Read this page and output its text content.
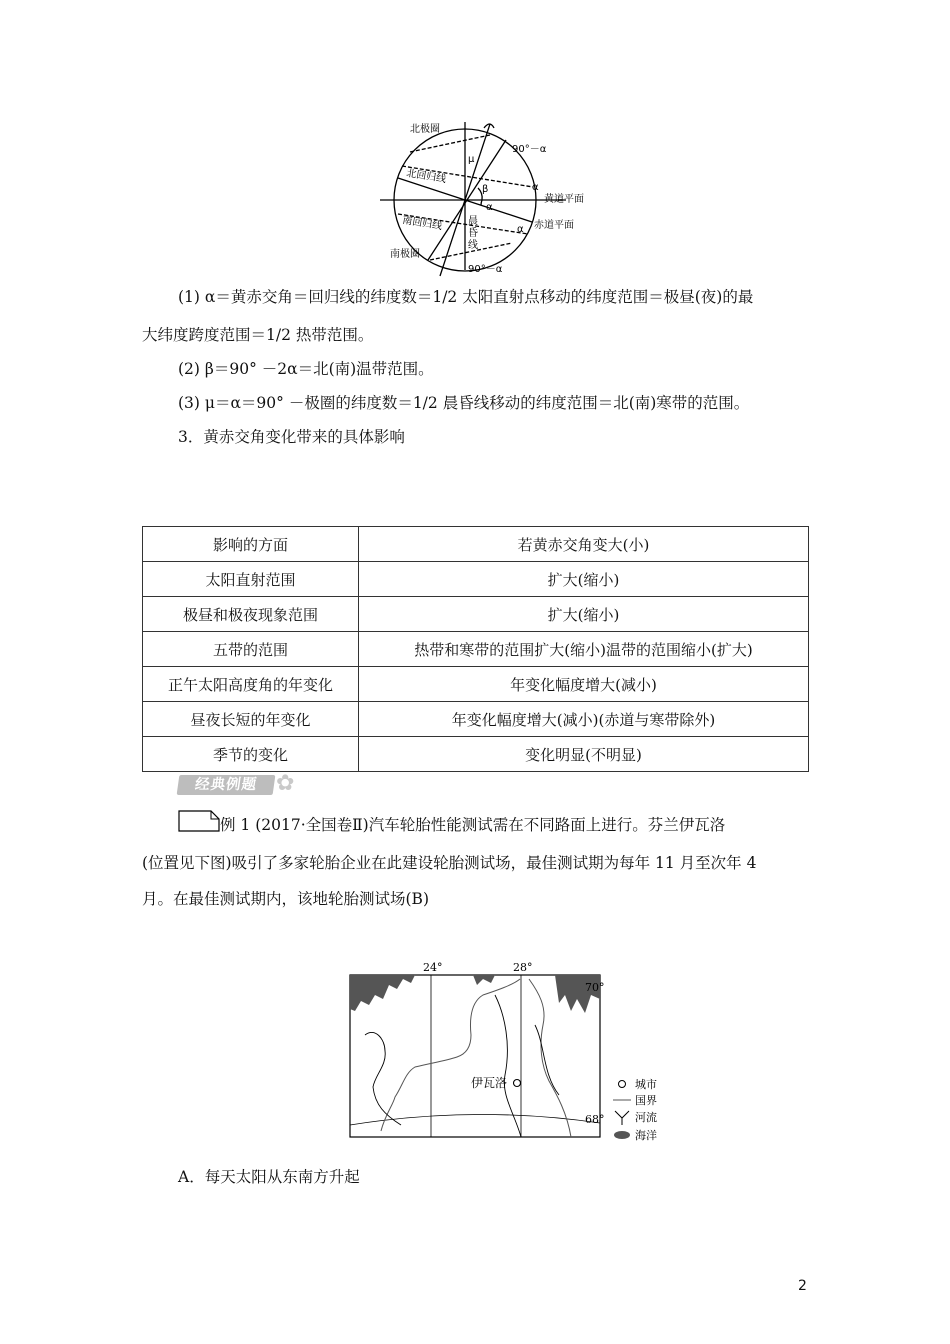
北极圈
90°－α
μ
β	α
α
α
北回归线
南回归线	晨
昏
线
黄道平面
赤道平面
南极圈
90°－α
(1) α＝黄赤交角＝回归线的纬度数＝1/2 太阳直射点移动的纬度范围＝极昼(夜)的最
大纬度跨度范围＝1/2 热带范围。
(2) β＝90° －2α＝北(南)温带范围。
(3) μ＝α＝90° －极圈的纬度数＝1/2 晨昏线移动的纬度范围＝北(南)寒带的范围。
3．黄赤交角变化带来的具体影响
影响的方面	若黄赤交角变大(小)
太阳直射范围	扩大(缩小)
极昼和极夜现象范围	扩大(缩小)
五带的范围	热带和寒带的范围扩大(缩小)温带的范围缩小(扩大)
正午太阳高度角的年变化	年变化幅度增大(减小)
昼夜长短的年变化	年变化幅度增大(减小)(赤道与寒带除外)
季节的变化	变化明显(不明显)
经典例题 ✿
例 1 (2017·全国卷Ⅱ)汽车轮胎性能测试需在不同路面上进行。芬兰伊瓦洛
(位置见下图)吸引了多家轮胎企业在此建设轮胎测试场，最佳测试期为每年 11 月至次年 4
月。在最佳测试期内，该地轮胎测试场(B)
24°	28°
70°
68°
伊瓦洛	城市
国界
河流
海洋
A．每天太阳从东南方升起
2
